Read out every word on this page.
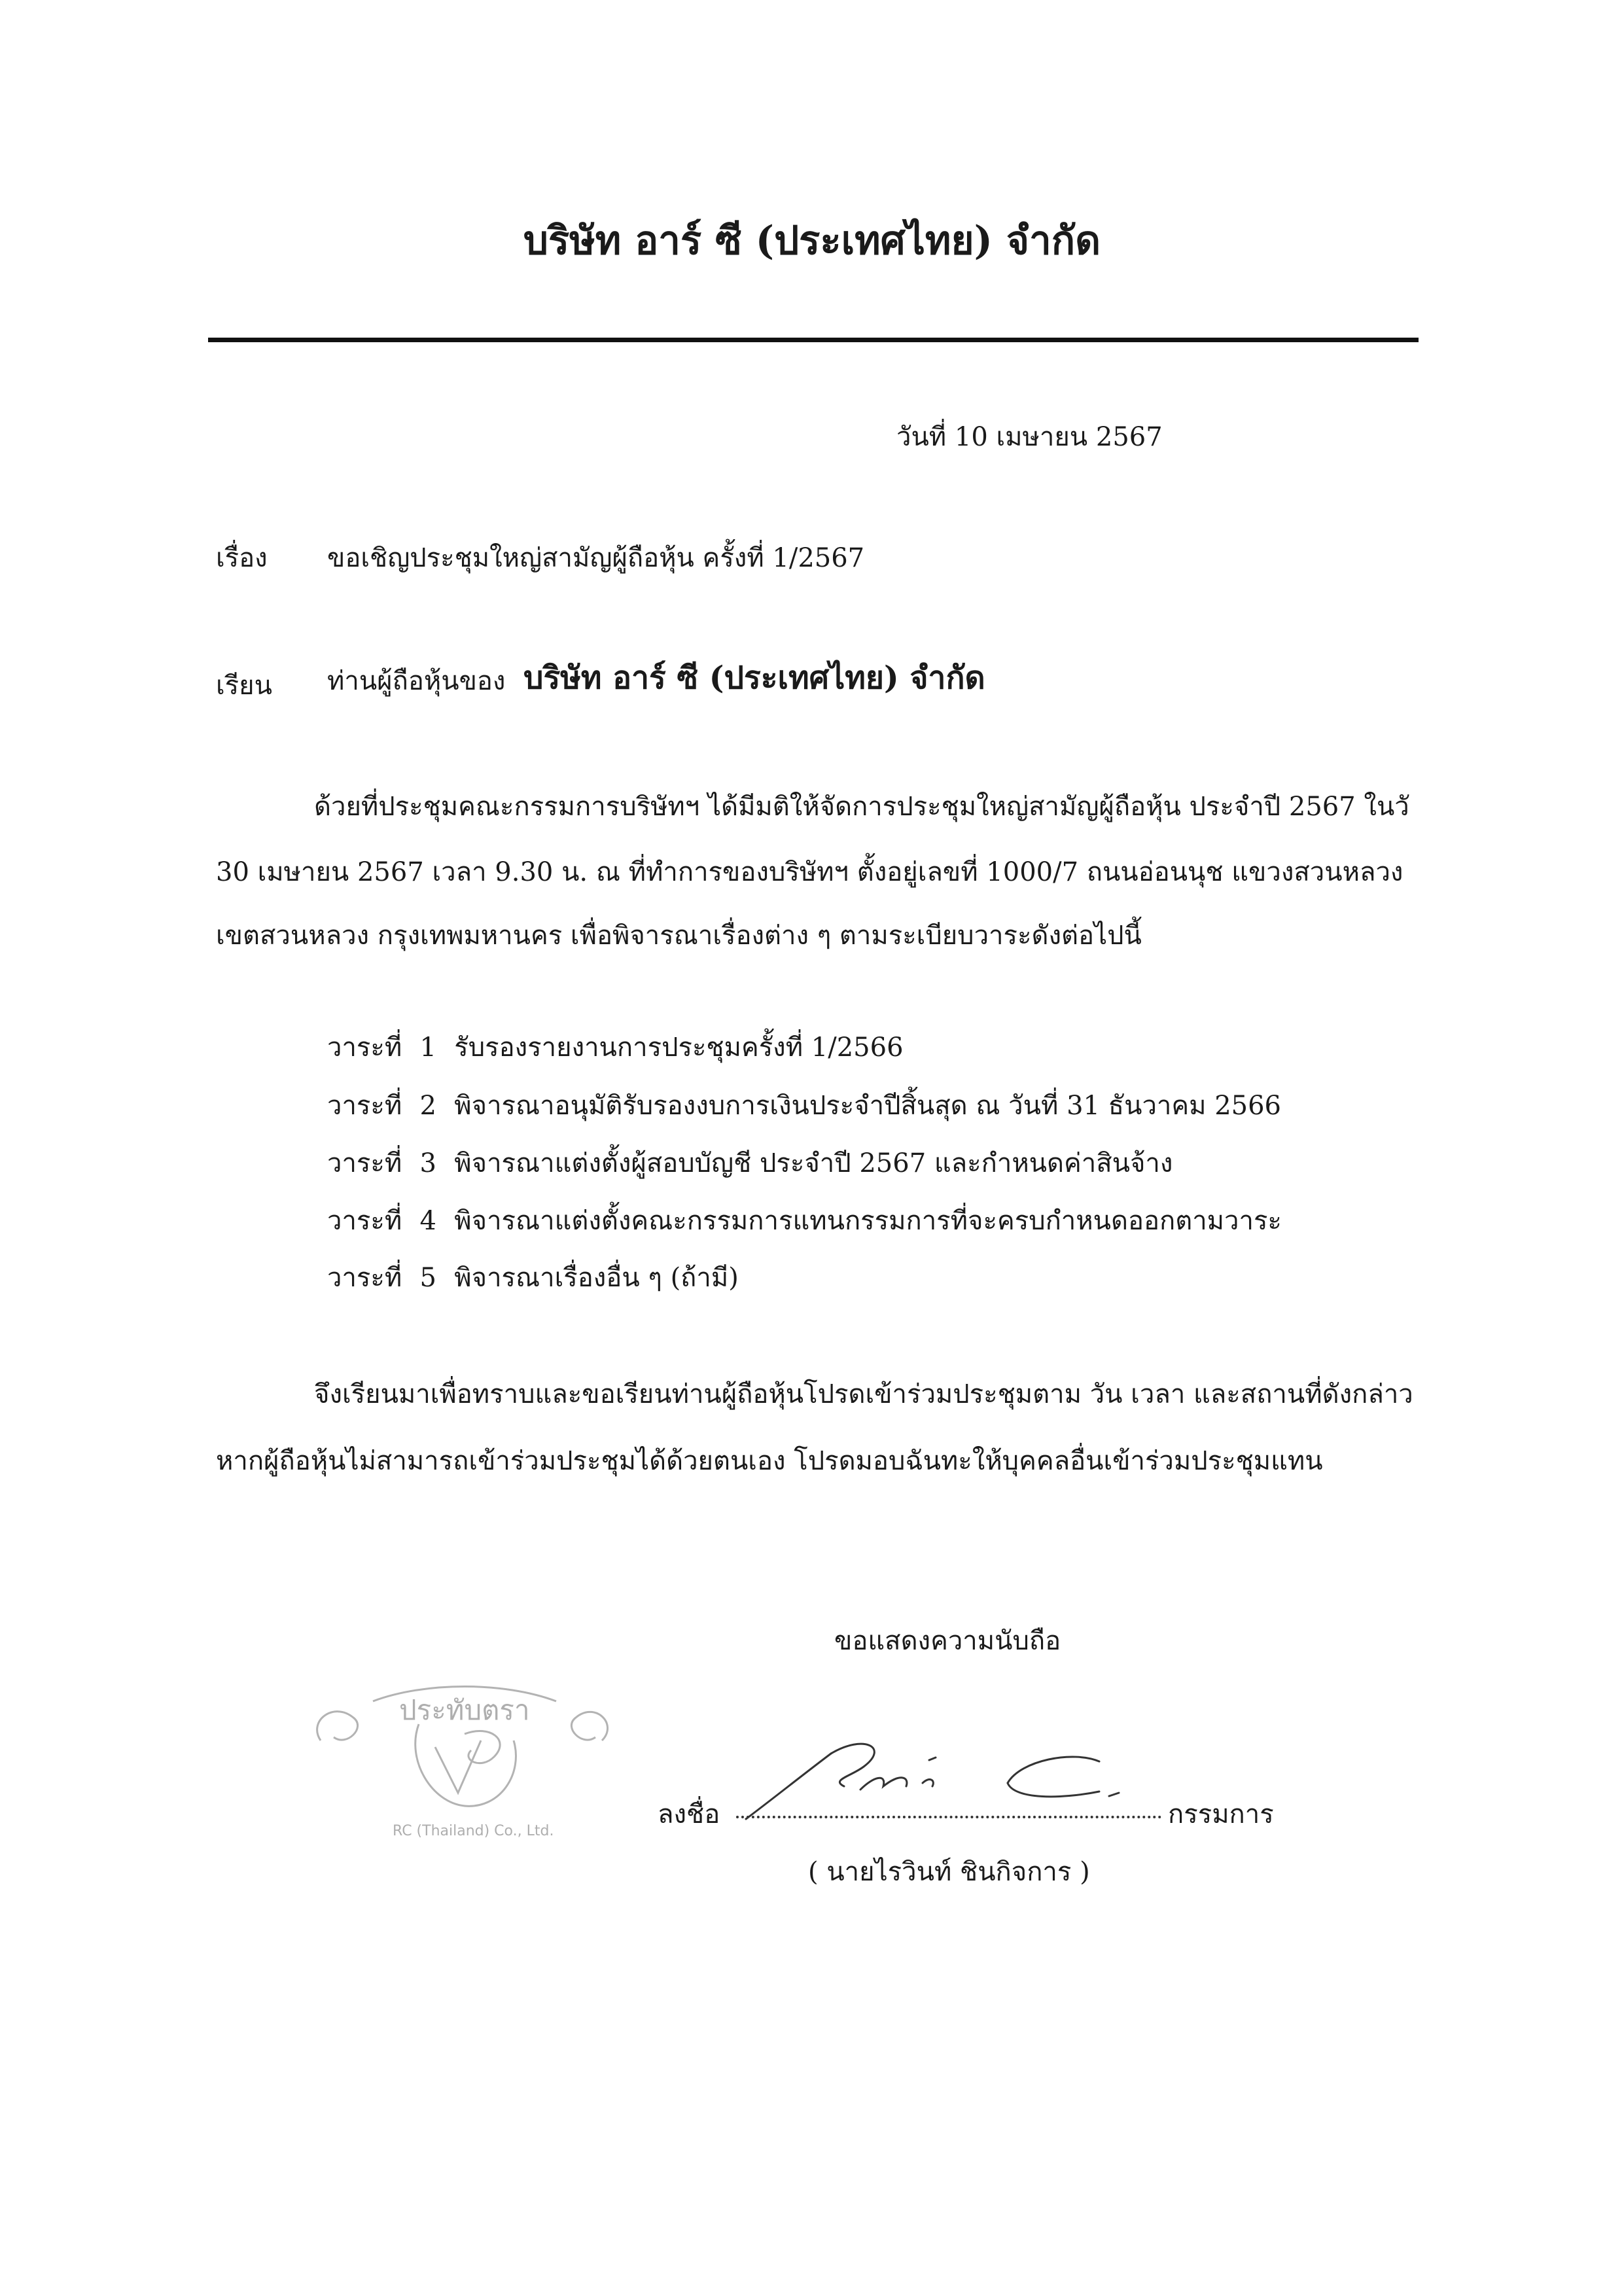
บริษัท อาร์ ซี (ประเทศไทย) จำกัด
วันที่ 10 เมษายน 2567
เรื่อง ขอเชิญประชุมใหญ่สามัญผู้ถือหุ้น ครั้งที่ 1/2567
เรียน ท่านผู้ถือหุ้นของ บริษัท อาร์ ซี (ประเทศไทย) จำกัด
ด้วยที่ประชุมคณะกรรมการบริษัทฯ ได้มีมติให้จัดการประชุมใหญ่สามัญผู้ถือหุ้น ประจำปี 2567 ในวั
30 เมษายน 2567 เวลา 9.30 น. ณ ที่ทำการของบริษัทฯ ตั้งอยู่เลขที่ 1000/7 ถนนอ่อนนุช แขวงสวนหลวง
เขตสวนหลวง กรุงเทพมหานคร เพื่อพิจารณาเรื่องต่าง ๆ ตามระเบียบวาระดังต่อไปนี้
วาระที่ 1 รับรองรายงานการประชุมครั้งที่ 1/2566
วาระที่ 2 พิจารณาอนุมัติรับรองงบการเงินประจำปีสิ้นสุด ณ วันที่ 31 ธันวาคม 2566
วาระที่ 3 พิจารณาแต่งตั้งผู้สอบบัญชี ประจำปี 2567 และกำหนดค่าสินจ้าง
วาระที่ 4 พิจารณาแต่งตั้งคณะกรรมการแทนกรรมการที่จะครบกำหนดออกตามวาระ
วาระที่ 5 พิจารณาเรื่องอื่น ๆ (ถ้ามี)
จึงเรียนมาเพื่อทราบและขอเรียนท่านผู้ถือหุ้นโปรดเข้าร่วมประชุมตาม วัน เวลา และสถานที่ดังกล่าว
หากผู้ถือหุ้นไม่สามารถเข้าร่วมประชุมได้ด้วยตนเอง โปรดมอบฉันทะให้บุคคลอื่นเข้าร่วมประชุมแทน
ขอแสดงความนับถือ
ประทับตรา
RC (Thailand) Co., Ltd.
ลงชื่อ	กรรมการ
( นายไรวินท์ ชินกิจการ )
